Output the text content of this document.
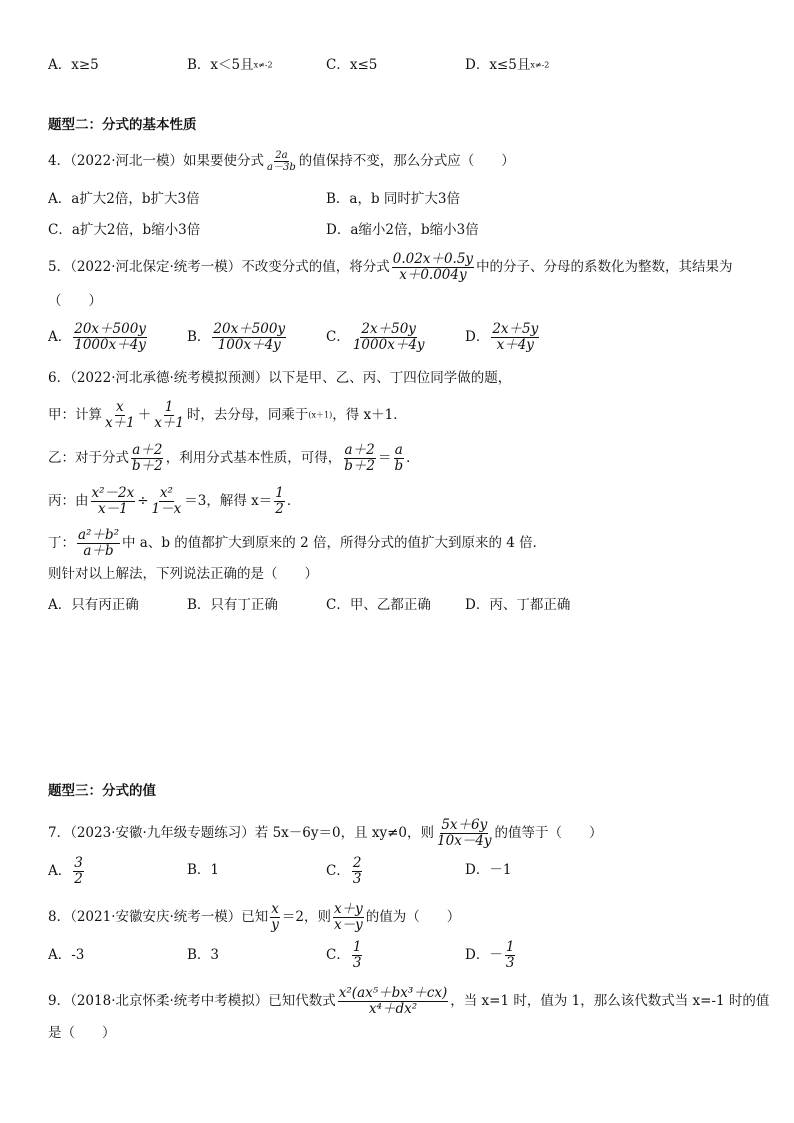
A．x≥5	B．x＜5且x≠-2	C．x≤5	D．x≤5且x≠-2
题型二：分式的基本性质
4．（2022·河北一模）如果要使分式 $\frac{2a}{a-3b}$ 的值保持不变，那么分式应（　　）
A．a扩大2倍，b扩大3倍	B．a，b 同时扩大3倍
C．a扩大2倍，b缩小3倍	D．a缩小2倍，b缩小3倍
5．（2022·河北保定·统考一模）不改变分式的值，将分式 $\frac{0.02x+0.5y}{x+0.004y}$ 中的分子、分母的系数化为整数，其结果为
（　　）
A． $\frac{20x+500y}{1000x+4y}$	B． $\frac{20x+500y}{100x+4y}$	C． $\frac{2x+50y}{1000x+4y}$	D． $\frac{2x+5y}{x+4y}$
6．（2022·河北承德·统考模拟预测）以下是甲、乙、丙、丁四位同学做的题，
甲：计算 $\frac{x}{x+1} + \frac{1}{x+1}$ 时，去分母，同乘于(x＋1)，得 x＋1．
乙：对于分式 $\frac{a+2}{b+2}$ ，利用分式基本性质，可得， $\frac{a+2}{b+2} = \frac{a}{b}$ ．
丙：由 $\frac{\text{x²－2x}}{x-1} \div \frac{\text{x²}}{1-x} =3$，解得 $x= \frac{1}{2}$ ．
丁： $\frac{\text{a²＋b²}}{a+b}$ 中 a、b 的值都扩大到原来的 2 倍，所得分式的值扩大到原来的 4 倍．
则针对以上解法，下列说法正确的是（　　）
A．只有丙正确	B．只有丁正确	C．甲、乙都正确	D．丙、丁都正确
题型三：分式的值
7．（2023·安徽·九年级专题练习）若 5x－6y＝0，且 xy≠0，则 $\frac{5x+6y}{10x-4y}$ 的值等于（　　）
A． $\frac{3}{2}$	B．1	C． $\frac{2}{3}$	D．－1
8．（2021·安徽安庆·统考一模）已知 $\frac{x}{y} =2$，则 $\frac{x+y}{x-y}$ 的值为（　　）
A．-3	B．3	C． $\frac{1}{3}$	D．－ $\frac{1}{3}$
9．（2018·北京怀柔·统考中考模拟）已知代数式 $\frac{\text{x²(ax⁵＋bx³＋cx)}}{\text{x⁴＋dx²}}$ ，当 x=1 时，值为 1，那么该代数式当 x=-1 时的值
是（　　）
